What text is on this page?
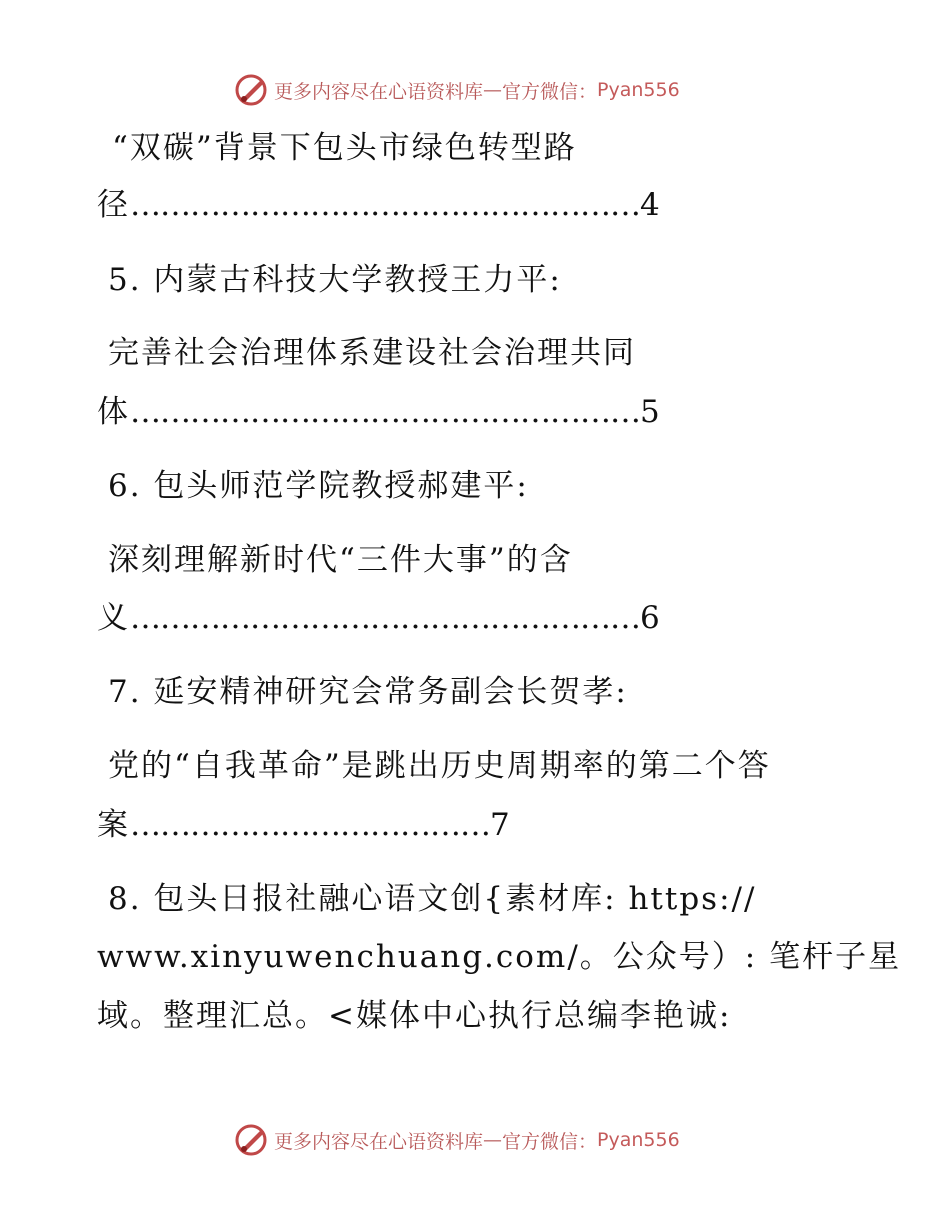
更多内容尽在心语资料库 — 官方微信： Pyan556
“双碳”背景下包头市绿色转型路
径……………………………………………4
5. 内蒙古科技大学教授王力平:
完善社会治理体系建设社会治理共同
体……………………………………………5
6. 包头师范学院教授郝建平:
深刻理解新时代“三件大事”的含
义……………………………………………6
7. 延安精神研究会常务副会长贺孝:
党的“自我革命”是跳出历史周期率的第二个答
案………………………………7
8. 包头日报社融心语文创{素材库: https://
www.xinyuwenchuang.com/。公众号）: 笔杆子星
域。整理汇总。<媒体中心执行总编李艳诚:
更多内容尽在心语资料库 — 官方微信： Pyan556
